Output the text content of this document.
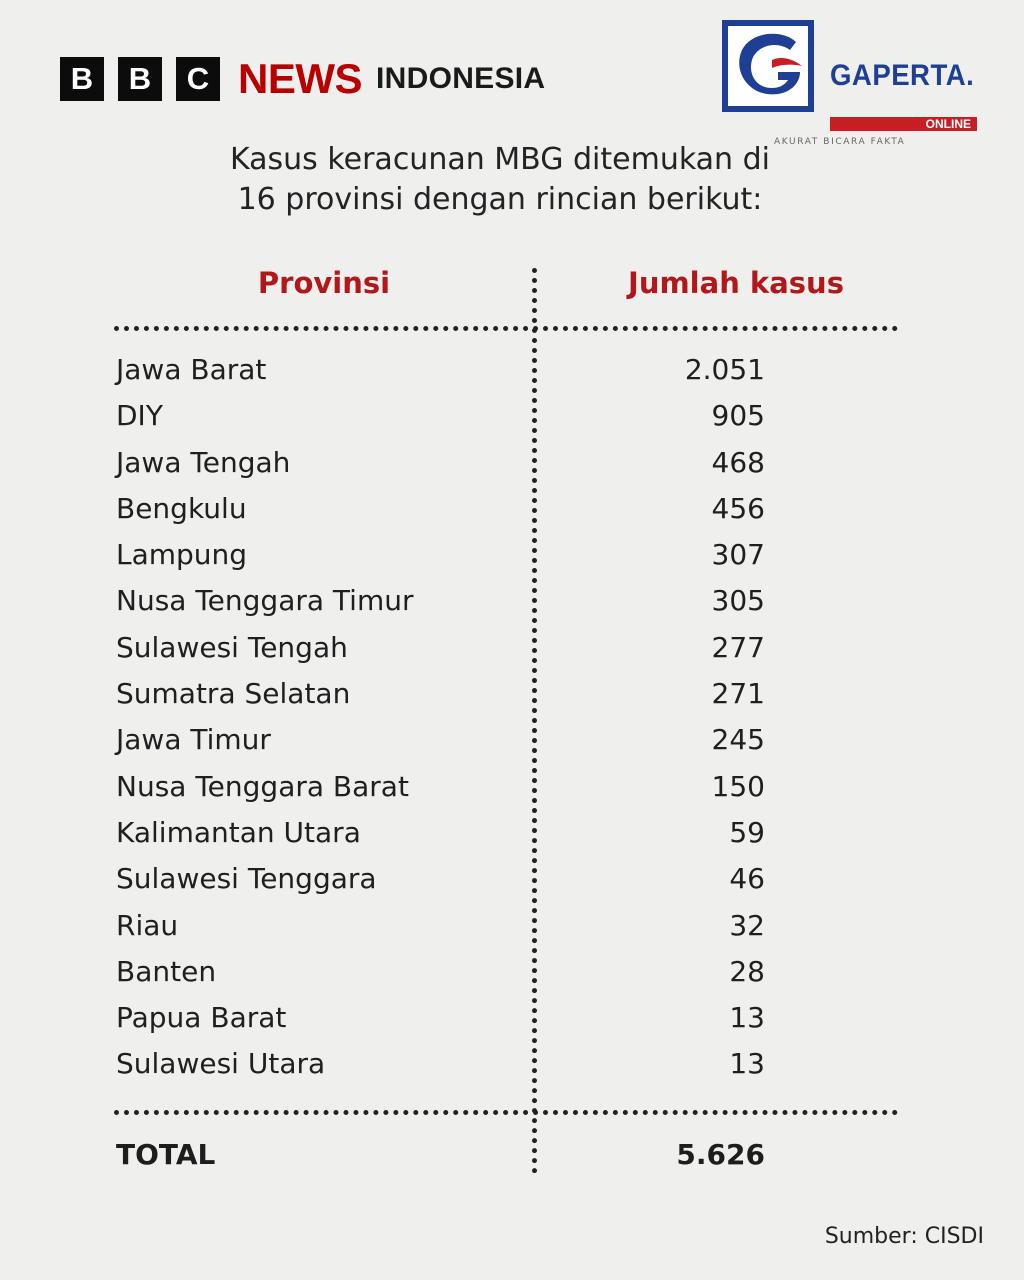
B	B	C NEWS INDONESIA	GAPERTA.
ONLINE
AKURAT BICARA FAKTA
Kasus keracunan MBG ditemukan di
16 provinsi dengan rincian berikut:
Provinsi	Jumlah kasus
Jawa Barat	2.051
DIY	905
Jawa Tengah	468
Bengkulu	456
Lampung	307
Nusa Tenggara Timur	305
Sulawesi Tengah	277
Sumatra Selatan	271
Jawa Timur	245
Nusa Tenggara Barat	150
Kalimantan Utara	59
Sulawesi Tenggara	46
Riau	32
Banten	28
Papua Barat	13
Sulawesi Utara	13
TOTAL	5.626
Sumber: CISDI
